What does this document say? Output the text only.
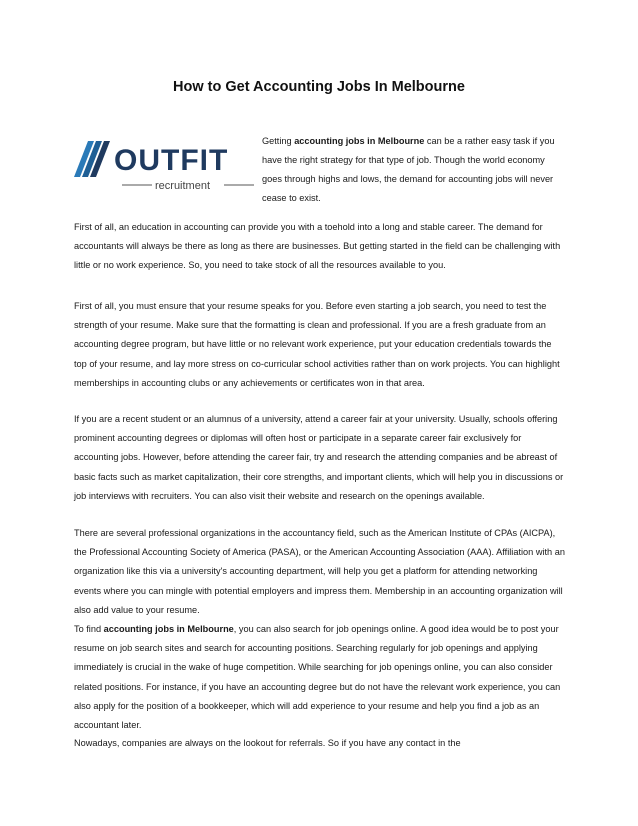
How to Get Accounting Jobs In Melbourne
OUTFIT
recruitment

Getting accounting jobs in Melbourne can be a rather easy task if you have the right strategy for that type of job. Though the world economy goes through highs and lows, the demand for accounting jobs will never cease to exist.

First of all, an education in accounting can provide you with a toehold into a long and stable career. The demand for accountants will always be there as long as there are businesses. But getting started in the field can be challenging with little or no work experience. So, you need to take stock of all the resources available to you.

First of all, you must ensure that your resume speaks for you. Before even starting a job search, you need to test the strength of your resume. Make sure that the formatting is clean and professional. If you are a fresh graduate from an accounting degree program, but have little or no relevant work experience, put your education credentials towards the top of your resume, and lay more stress on co-curricular school activities rather than on work projects. You can highlight memberships in accounting clubs or any achievements or certificates won in that area.

If you are a recent student or an alumnus of a university, attend a career fair at your university. Usually, schools offering prominent accounting degrees or diplomas will often host or participate in a separate career fair exclusively for accounting jobs. However, before attending the career fair, try and research the attending companies and be abreast of basic facts such as market capitalization, their core strengths, and important clients, which will help you in discussions or job interviews with recruiters. You can also visit their website and research on the openings available.

There are several professional organizations in the accountancy field, such as the American Institute of CPAs (AICPA), the Professional Accounting Society of America (PASA), or the American Accounting Association (AAA). Affiliation with an organization like this via a university's accounting department, will help you get a platform for attending networking events where you can mingle with potential employers and impress them. Membership in an accounting organization will also add value to your resume.

To find accounting jobs in Melbourne, you can also search for job openings online. A good idea would be to post your resume on job search sites and search for accounting positions. Searching regularly for job openings and applying immediately is crucial in the wake of huge competition. While searching for job openings online, you can also consider related positions. For instance, if you have an accounting degree but do not have the relevant work experience, you can also apply for the position of a bookkeeper, which will add experience to your resume and help you find a job as an accountant later.

Nowadays, companies are always on the lookout for referrals. So if you have any contact in the
